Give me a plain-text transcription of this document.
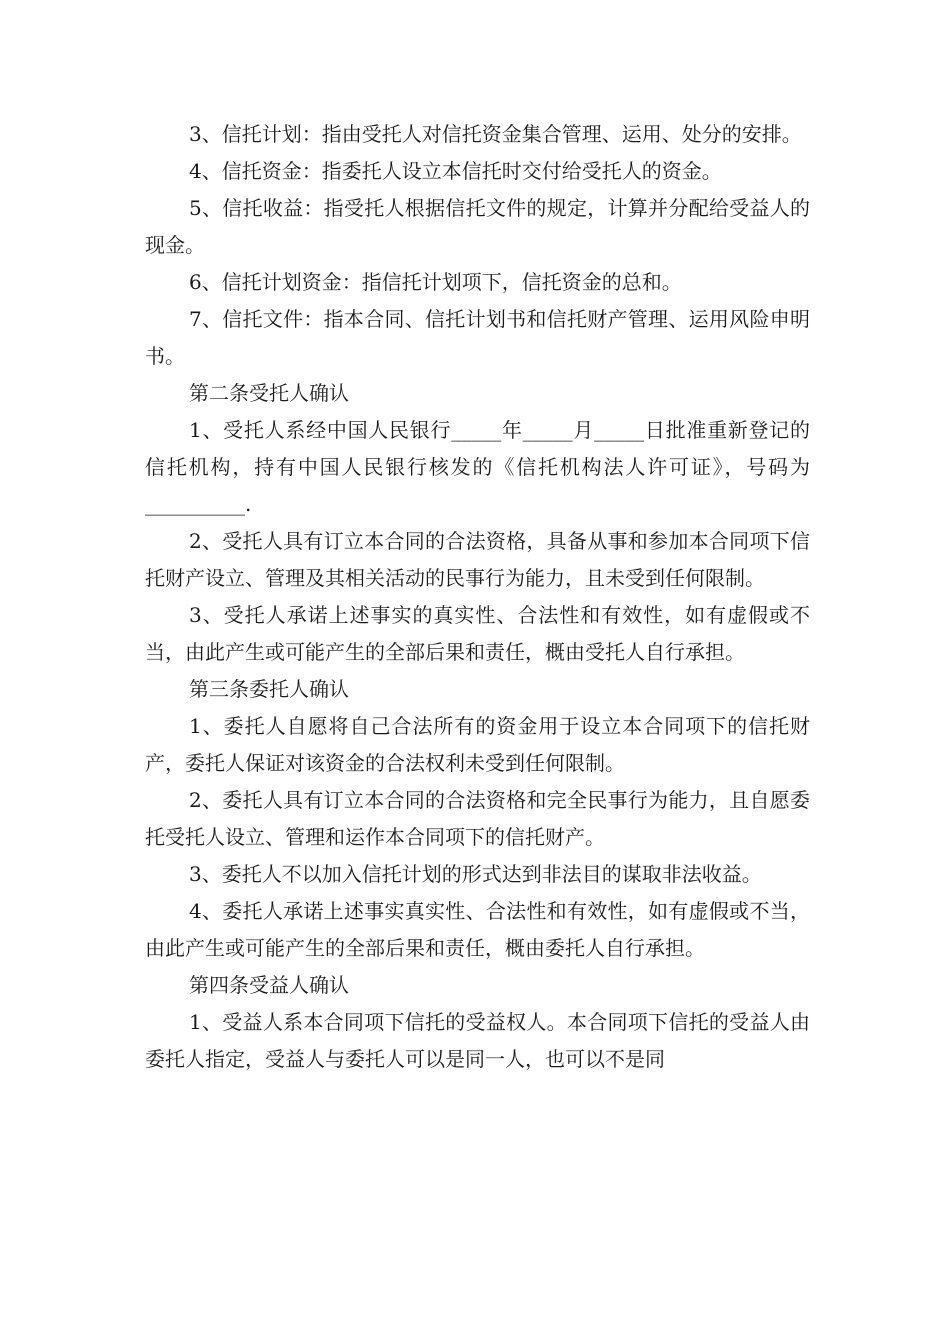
3、信托计划：指由受托人对信托资金集合管理、运用、处分的安排。

4、信托资金：指委托人设立本信托时交付给受托人的资金。

5、信托收益：指受托人根据信托文件的规定，计算并分配给受益人的现金。

6、信托计划资金：指信托计划项下，信托资金的总和。

7、信托文件：指本合同、信托计划书和信托财产管理、运用风险申明书。

第二条受托人确认

1、受托人系经中国人民银行_____年_____月_____日批准重新登记的信托机构，持有中国人民银行核发的《信托机构法人许可证》，号码为__________.

2、受托人具有订立本合同的合法资格，具备从事和参加本合同项下信托财产设立、管理及其相关活动的民事行为能力，且未受到任何限制。

3、受托人承诺上述事实的真实性、合法性和有效性，如有虚假或不当，由此产生或可能产生的全部后果和责任，概由受托人自行承担。

第三条委托人确认

1、委托人自愿将自己合法所有的资金用于设立本合同项下的信托财产，委托人保证对该资金的合法权利未受到任何限制。

2、委托人具有订立本合同的合法资格和完全民事行为能力，且自愿委托受托人设立、管理和运作本合同项下的信托财产。

3、委托人不以加入信托计划的形式达到非法目的谋取非法收益。

4、委托人承诺上述事实真实性、合法性和有效性，如有虚假或不当，由此产生或可能产生的全部后果和责任，概由委托人自行承担。

第四条受益人确认

1、受益人系本合同项下信托的受益权人。本合同项下信托的受益人由委托人指定，受益人与委托人可以是同一人，也可以不是同
